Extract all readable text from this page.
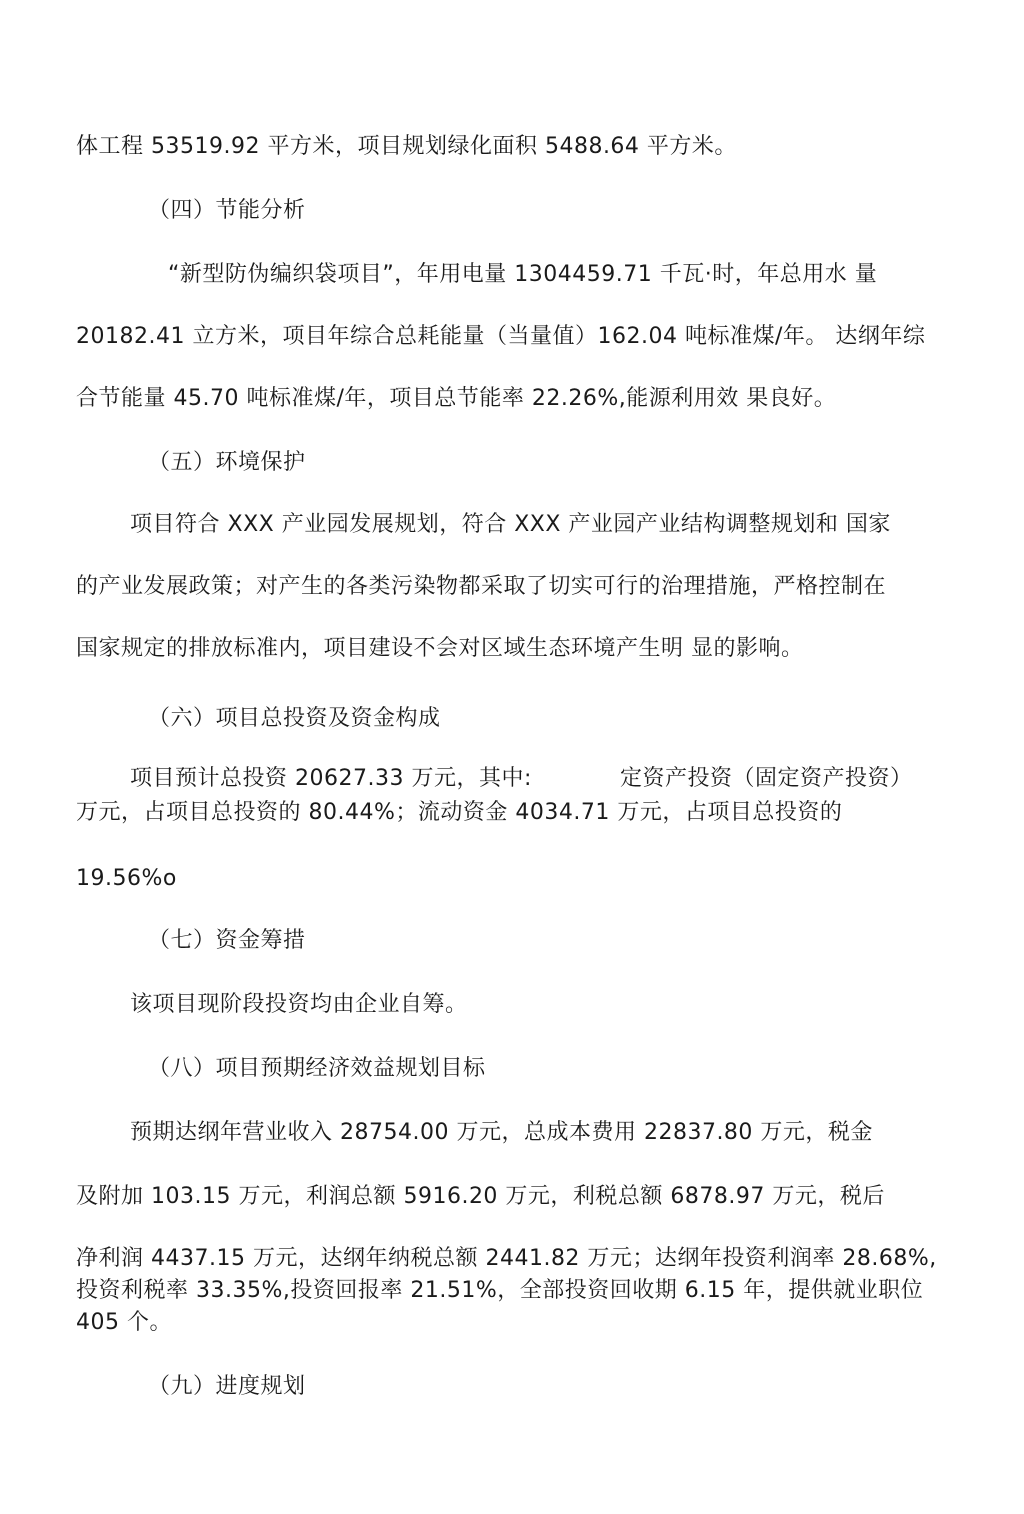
体工程 53519.92 平方米，项目规划绿化面积 5488.64 平方米。
（四）节能分析
“新型防伪编织袋项目”，年用电量 1304459.71 千瓦·时，年总用水 量
20182.41 立方米，项目年综合总耗能量（当量值）162.04 吨标准煤/年。 达纲年综
合节能量 45.70 吨标准煤/年，项目总节能率 22.26%,能源利用效 果良好。
（五）环境保护
项目符合 XXX 产业园发展规划，符合 XXX 产业园产业结构调整规划和 国家
的产业发展政策；对产生的各类污染物都采取了切实可行的治理措施，严格控制在
国家规定的排放标准内，项目建设不会对区域生态环境产生明 显的影响。
（六）项目总投资及资金构成
项目预计总投资 20627.33 万元，其中:	定资产投资（固定资产投资）
万元，占项目总投资的 80.44%；流动资金 4034.71 万元，占项目总投资的
19.56%o
（七）资金筹措
该项目现阶段投资均由企业自筹。
（八）项目预期经济效益规划目标
预期达纲年营业收入 28754.00 万元，总成本费用 22837.80 万元，税金
及附加 103.15 万元，利润总额 5916.20 万元，利税总额 6878.97 万元，税后
净利润 4437.15 万元，达纲年纳税总额 2441.82 万元；达纲年投资利润率 28.68%,
投资利税率 33.35%,投资回报率 21.51%，全部投资回收期 6.15 年，提供就业职位
405 个。
（九）进度规划
